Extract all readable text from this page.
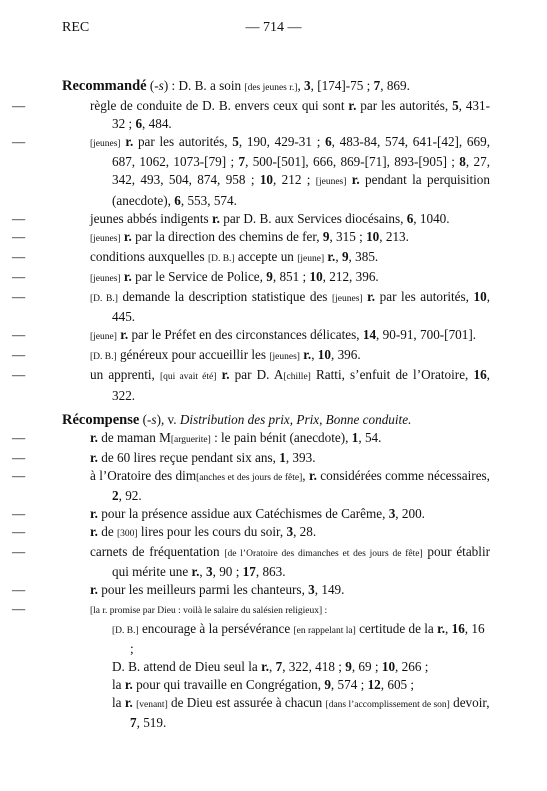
REC	— 714 —

Recommandé (-s) : D. B. a soin [des jeunes r.], 3, [174]-75 ; 7, 869.

—	règle de conduite de D. B. envers ceux qui sont r. par les autorités, 5, 431-32 ; 6, 484.

—	[jeunes] r. par les autorités, 5, 190, 429-31 ; 6, 483-84, 574, 641-[42], 669, 687, 1062, 1073-[79] ; 7, 500-[501], 666, 869-[71], 893-[905] ; 8, 27, 342, 493, 504, 874, 958 ; 10, 212 ; [jeunes] r. pendant la perquisition (anecdote), 6, 553, 574.

—	jeunes abbés indigents r. par D. B. aux Services diocésains, 6, 1040.

—	[jeunes] r. par la direction des chemins de fer, 9, 315 ; 10, 213.

—	conditions auxquelles [D. B.] accepte un [jeune] r., 9, 385.

—	[jeunes] r. par le Service de Police, 9, 851 ; 10, 212, 396.

—	[D. B.] demande la description statistique des [jeunes] r. par les autorités, 10, 445.

—	[jeune] r. par le Préfet en des circonstances délicates, 14, 90-91, 700-[701].

—	[D. B.] généreux pour accueillir les [jeunes] r., 10, 396.

—	un apprenti, [qui avait été] r. par D. A[chille] Ratti, s’enfuit de l’Oratoire, 16, 322.

Récompense (-s), v. Distribution des prix, Prix, Bonne conduite.

—	r. de maman M[arguerite] : le pain bénit (anecdote), 1, 54.

—	r. de 60 lires reçue pendant six ans, 1, 393.

—	à l’Oratoire des dim[anches et des jours de fête], r. considérées comme nécessaires, 2, 92.

—	r. pour la présence assidue aux Catéchismes de Carême, 3, 200.

—	r. de [300] lires pour les cours du soir, 3, 28.

—	carnets de fréquentation [de l’Oratoire des dimanches et des jours de fête] pour établir qui mérite une r., 3, 90 ; 17, 863.

—	r. pour les meilleurs parmi les chanteurs, 3, 149.

—	[la r. promise par Dieu : voilà le salaire du salésien religieux] :

[D. B.] encourage à la persévérance [en rappelant la] certitude de la r., 16, 16 ;

D. B. attend de Dieu seul la r., 7, 322, 418 ; 9, 69 ; 10, 266 ;

la r. pour qui travaille en Congrégation, 9, 574 ; 12, 605 ;

la r. [venant] de Dieu est assurée à chacun [dans l’accomplissement de son] devoir, 7, 519.
